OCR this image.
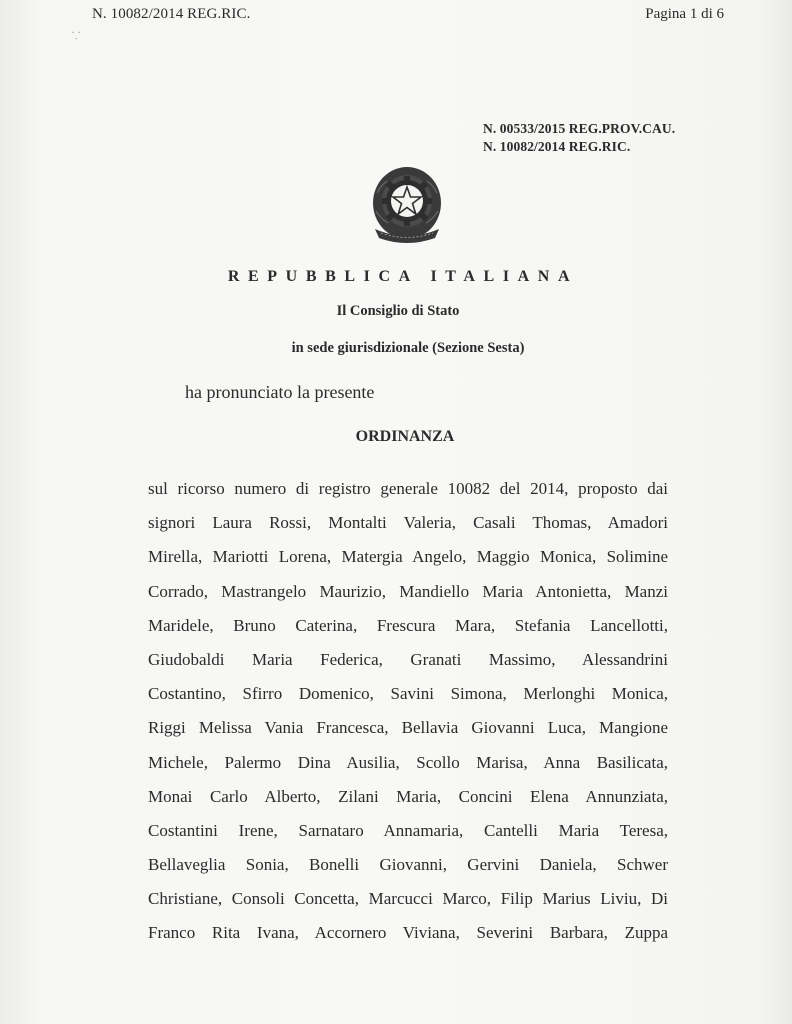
N. 10082/2014 REG.RIC.	Pagina 1 di 6
⸪
N. 00533/2015 REG.PROV.CAU.
N. 10082/2014 REG.RIC.
REPUBBLICA ITALIANA
Il Consiglio di Stato
in sede giurisdizionale (Sezione Sesta)
ha pronunciato la presente
ORDINANZA
sul ricorso numero di registro generale 10082 del 2014, proposto dai
signori Laura Rossi, Montalti Valeria, Casali Thomas, Amadori
Mirella, Mariotti Lorena, Matergia Angelo, Maggio Monica, Solimine
Corrado, Mastrangelo Maurizio, Mandiello Maria Antonietta, Manzi
Maridele, Bruno Caterina, Frescura Mara, Stefania Lancellotti,
Giudobaldi Maria Federica, Granati Massimo, Alessandrini
Costantino, Sfirro Domenico, Savini Simona, Merlonghi Monica,
Riggi Melissa Vania Francesca, Bellavia Giovanni Luca, Mangione
Michele, Palermo Dina Ausilia, Scollo Marisa, Anna Basilicata,
Monai Carlo Alberto, Zilani Maria, Concini Elena Annunziata,
Costantini Irene, Sarnataro Annamaria, Cantelli Maria Teresa,
Bellaveglia Sonia, Bonelli Giovanni, Gervini Daniela, Schwer
Christiane, Consoli Concetta, Marcucci Marco, Filip Marius Liviu, Di
Franco Rita Ivana, Accornero Viviana, Severini Barbara, Zuppa
